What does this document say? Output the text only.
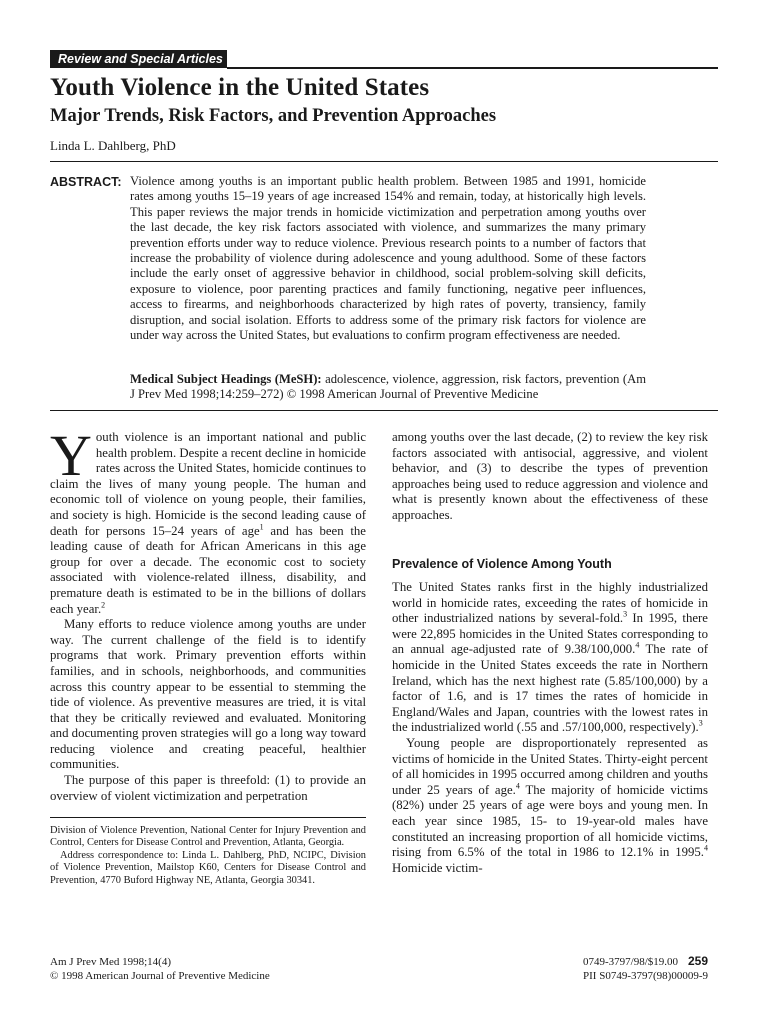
Review and Special Articles
Youth Violence in the United States
Major Trends, Risk Factors, and Prevention Approaches
Linda L. Dahlberg, PhD
ABSTRACT: Violence among youths is an important public health problem. Between 1985 and 1991, homicide rates among youths 15–19 years of age increased 154% and remain, today, at historically high levels. This paper reviews the major trends in homicide victimization and perpetration among youths over the last decade, the key risk factors associated with violence, and summarizes the many primary prevention efforts under way to reduce violence. Previous research points to a number of factors that increase the probability of violence during adolescence and young adulthood. Some of these factors include the early onset of aggressive behavior in childhood, social problem-solving skill deficits, exposure to violence, poor parenting practices and family functioning, negative peer influences, access to firearms, and neighborhoods characterized by high rates of poverty, transiency, family disruption, and social isolation. Efforts to address some of the primary risk factors for violence are under way across the United States, but evaluations to confirm program effectiveness are needed.
Medical Subject Headings (MeSH): adolescence, violence, aggression, risk factors, prevention (Am J Prev Med 1998;14:259–272) © 1998 American Journal of Preventive Medicine

Youth violence is an important national and public health problem. Despite a recent decline in homicide rates across the United States, homicide continues to claim the lives of many young people. The human and economic toll of violence on young people, their families, and society is high. Homicide is the second leading cause of death for persons 15–24 years of age$^1$ and has been the leading cause of death for African Americans in this age group for over a decade. The economic cost to society associated with violence-related illness, disability, and premature death is estimated to be in the billions of dollars each year.$^2$

Many efforts to reduce violence among youths are under way. The current challenge of the field is to identify programs that work. Primary prevention efforts within families, and in schools, neighborhoods, and communities across this country appear to be essential to stemming the tide of violence. As preventive measures are tried, it is vital that they be critically reviewed and evaluated. Monitoring and documenting proven strategies will go a long way toward reducing violence and creating peaceful, healthier communities.

The purpose of this paper is threefold: (1) to provide an overview of violent victimization and perpetration

Division of Violence Prevention, National Center for Injury Prevention and Control, Centers for Disease Control and Prevention, Atlanta, Georgia.

Address correspondence to: Linda L. Dahlberg, PhD, NCIPC, Division of Violence Prevention, Mailstop K60, Centers for Disease Control and Prevention, 4770 Buford Highway NE, Atlanta, Georgia 30341.

among youths over the last decade, (2) to review the key risk factors associated with antisocial, aggressive, and violent behavior, and (3) to describe the types of prevention approaches being used to reduce aggression and violence and what is presently known about the effectiveness of these approaches.

Prevalence of Violence Among Youth

The United States ranks first in the highly industrialized world in homicide rates, exceeding the rates of homicide in other industrialized nations by several-fold.$^3$ In 1995, there were 22,895 homicides in the United States corresponding to an annual age-adjusted rate of 9.38/100,000.$^4$ The rate of homicide in the United States exceeds the rate in Northern Ireland, which has the next highest rate (5.85/100,000) by a factor of 1.6, and is 17 times the rates of homicide in England/Wales and Japan, countries with the lowest rates in the industrialized world (.55 and .57/100,000, respectively).$^3$

Young people are disproportionately represented as victims of homicide in the United States. Thirty-eight percent of all homicides in 1995 occurred among children and youths under 25 years of age.$^4$ The majority of homicide victims (82%) under 25 years of age were boys and young men. In each year since 1985, 15- to 19-year-old males have constituted an increasing proportion of all homicide victims, rising from 6.5% of the total in 1986 to 12.1% in 1995.$^4$ Homicide victim-

Am J Prev Med 1998;14(4)
© 1998 American Journal of Preventive Medicine
0749-3797/98/$19.00 259
PII S0749-3797(98)00009-9
